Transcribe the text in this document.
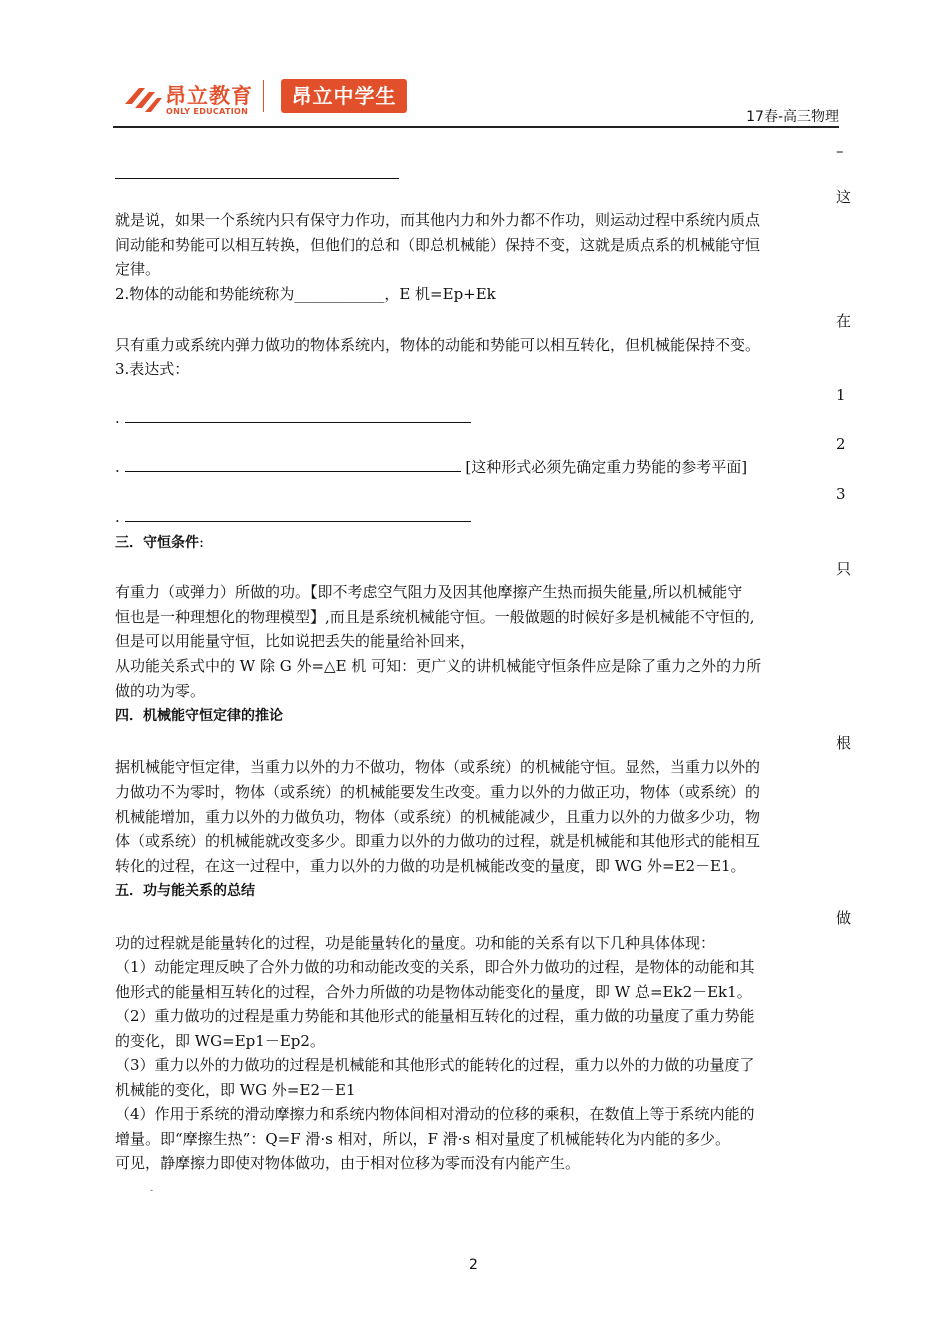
昂立教育
ONLY EDUCATION
昂立中学生
17春-高三物理
–
这
就是说，如果一个系统内只有保守力作功，而其他内力和外力都不作功，则运动过程中系统内质点
间动能和势能可以相互转换，但他们的总和（即总机械能）保持不变，这就是质点系的机械能守恒
定律。
2.物体的动能和势能统称为____________，E 机=Ep+Ek
在
只有重力或系统内弹力做功的物体系统内，物体的动能和势能可以相互转化，但机械能保持不变。
3.表达式：
1
.
2
.	[这种形式必须先确定重力势能的参考平面]
3
.
三．守恒条件:
只
有重力（或弹力）所做的功。【即不考虑空气阻力及因其他摩擦产生热而损失能量,所以机械能守
恒也是一种理想化的物理模型】,而且是系统机械能守恒。一般做题的时候好多是机械能不守恒的,
但是可以用能量守恒，比如说把丢失的能量给补回来，
从功能关系式中的 W 除 G 外=△E 机 可知：更广义的讲机械能守恒条件应是除了重力之外的力所
做的功为零。
四．机械能守恒定律的推论
根
据机械能守恒定律，当重力以外的力不做功，物体（或系统）的机械能守恒。显然，当重力以外的
力做功不为零时，物体（或系统）的机械能要发生改变。重力以外的力做正功，物体（或系统）的
机械能增加，重力以外的力做负功，物体（或系统）的机械能减少，且重力以外的力做多少功，物
体（或系统）的机械能就改变多少。即重力以外的力做功的过程，就是机械能和其他形式的能相互
转化的过程，在这一过程中，重力以外的力做的功是机械能改变的量度，即 WG 外=E2－E1。
五．功与能关系的总结
做
功的过程就是能量转化的过程，功是能量转化的量度。功和能的关系有以下几种具体体现：
（1）动能定理反映了合外力做的功和动能改变的关系，即合外力做功的过程，是物体的动能和其
他形式的能量相互转化的过程，合外力所做的功是物体动能变化的量度，即 W 总=Ek2－Ek1。
（2）重力做功的过程是重力势能和其他形式的能量相互转化的过程，重力做的功量度了重力势能
的变化，即 WG=Ep1－Ep2。
（3）重力以外的力做功的过程是机械能和其他形式的能转化的过程，重力以外的力做的功量度了
机械能的变化，即 WG 外=E2－E1
（4）作用于系统的滑动摩擦力和系统内物体间相对滑动的位移的乘积，在数值上等于系统内能的
增量。即“摩擦生热”：Q=F 滑·s 相对，所以，F 滑·s 相对量度了机械能转化为内能的多少。
可见，静摩擦力即使对物体做功，由于相对位移为零而没有内能产生。
-
2
